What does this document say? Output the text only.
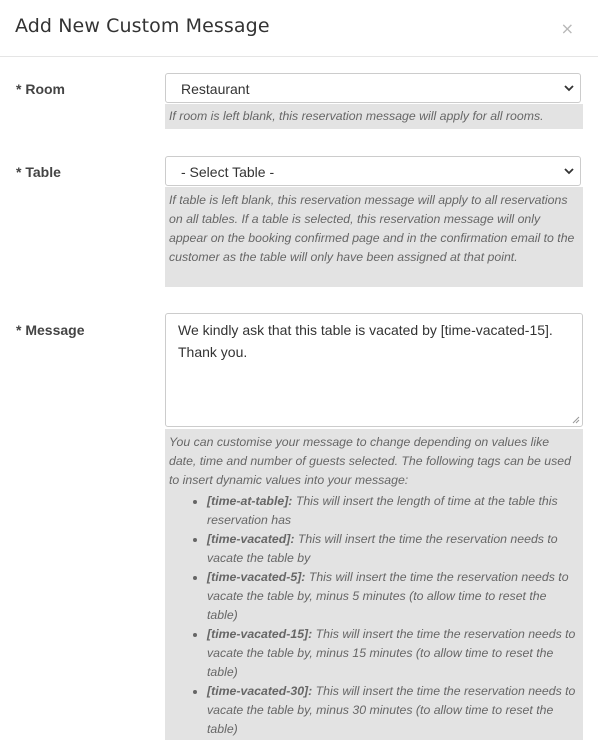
Add New Custom Message	×
* Room	Restaurant
If room is left blank, this reservation message will apply for all rooms.
* Table	- Select Table -
If table is left blank, this reservation message will apply to all reservations on all tables. If a table is selected, this reservation message will only appear on the booking confirmed page and in the confirmation email to the customer as the table will only have been assigned at that point.
* Message	We kindly ask that this table is vacated by [time-vacated-15].
Thank you.
You can customise your message to change depending on values like date, time and number of guests selected. The following tags can be used to insert dynamic values into your message:
• [time-at-table]: This will insert the length of time at the table this reservation has
• [time-vacated]: This will insert the time the reservation needs to vacate the table by
• [time-vacated-5]: This will insert the time the reservation needs to vacate the table by, minus 5 minutes (to allow time to reset the table)
• [time-vacated-15]: This will insert the time the reservation needs to vacate the table by, minus 15 minutes (to allow time to reset the table)
• [time-vacated-30]: This will insert the time the reservation needs to vacate the table by, minus 30 minutes (to allow time to reset the table)
